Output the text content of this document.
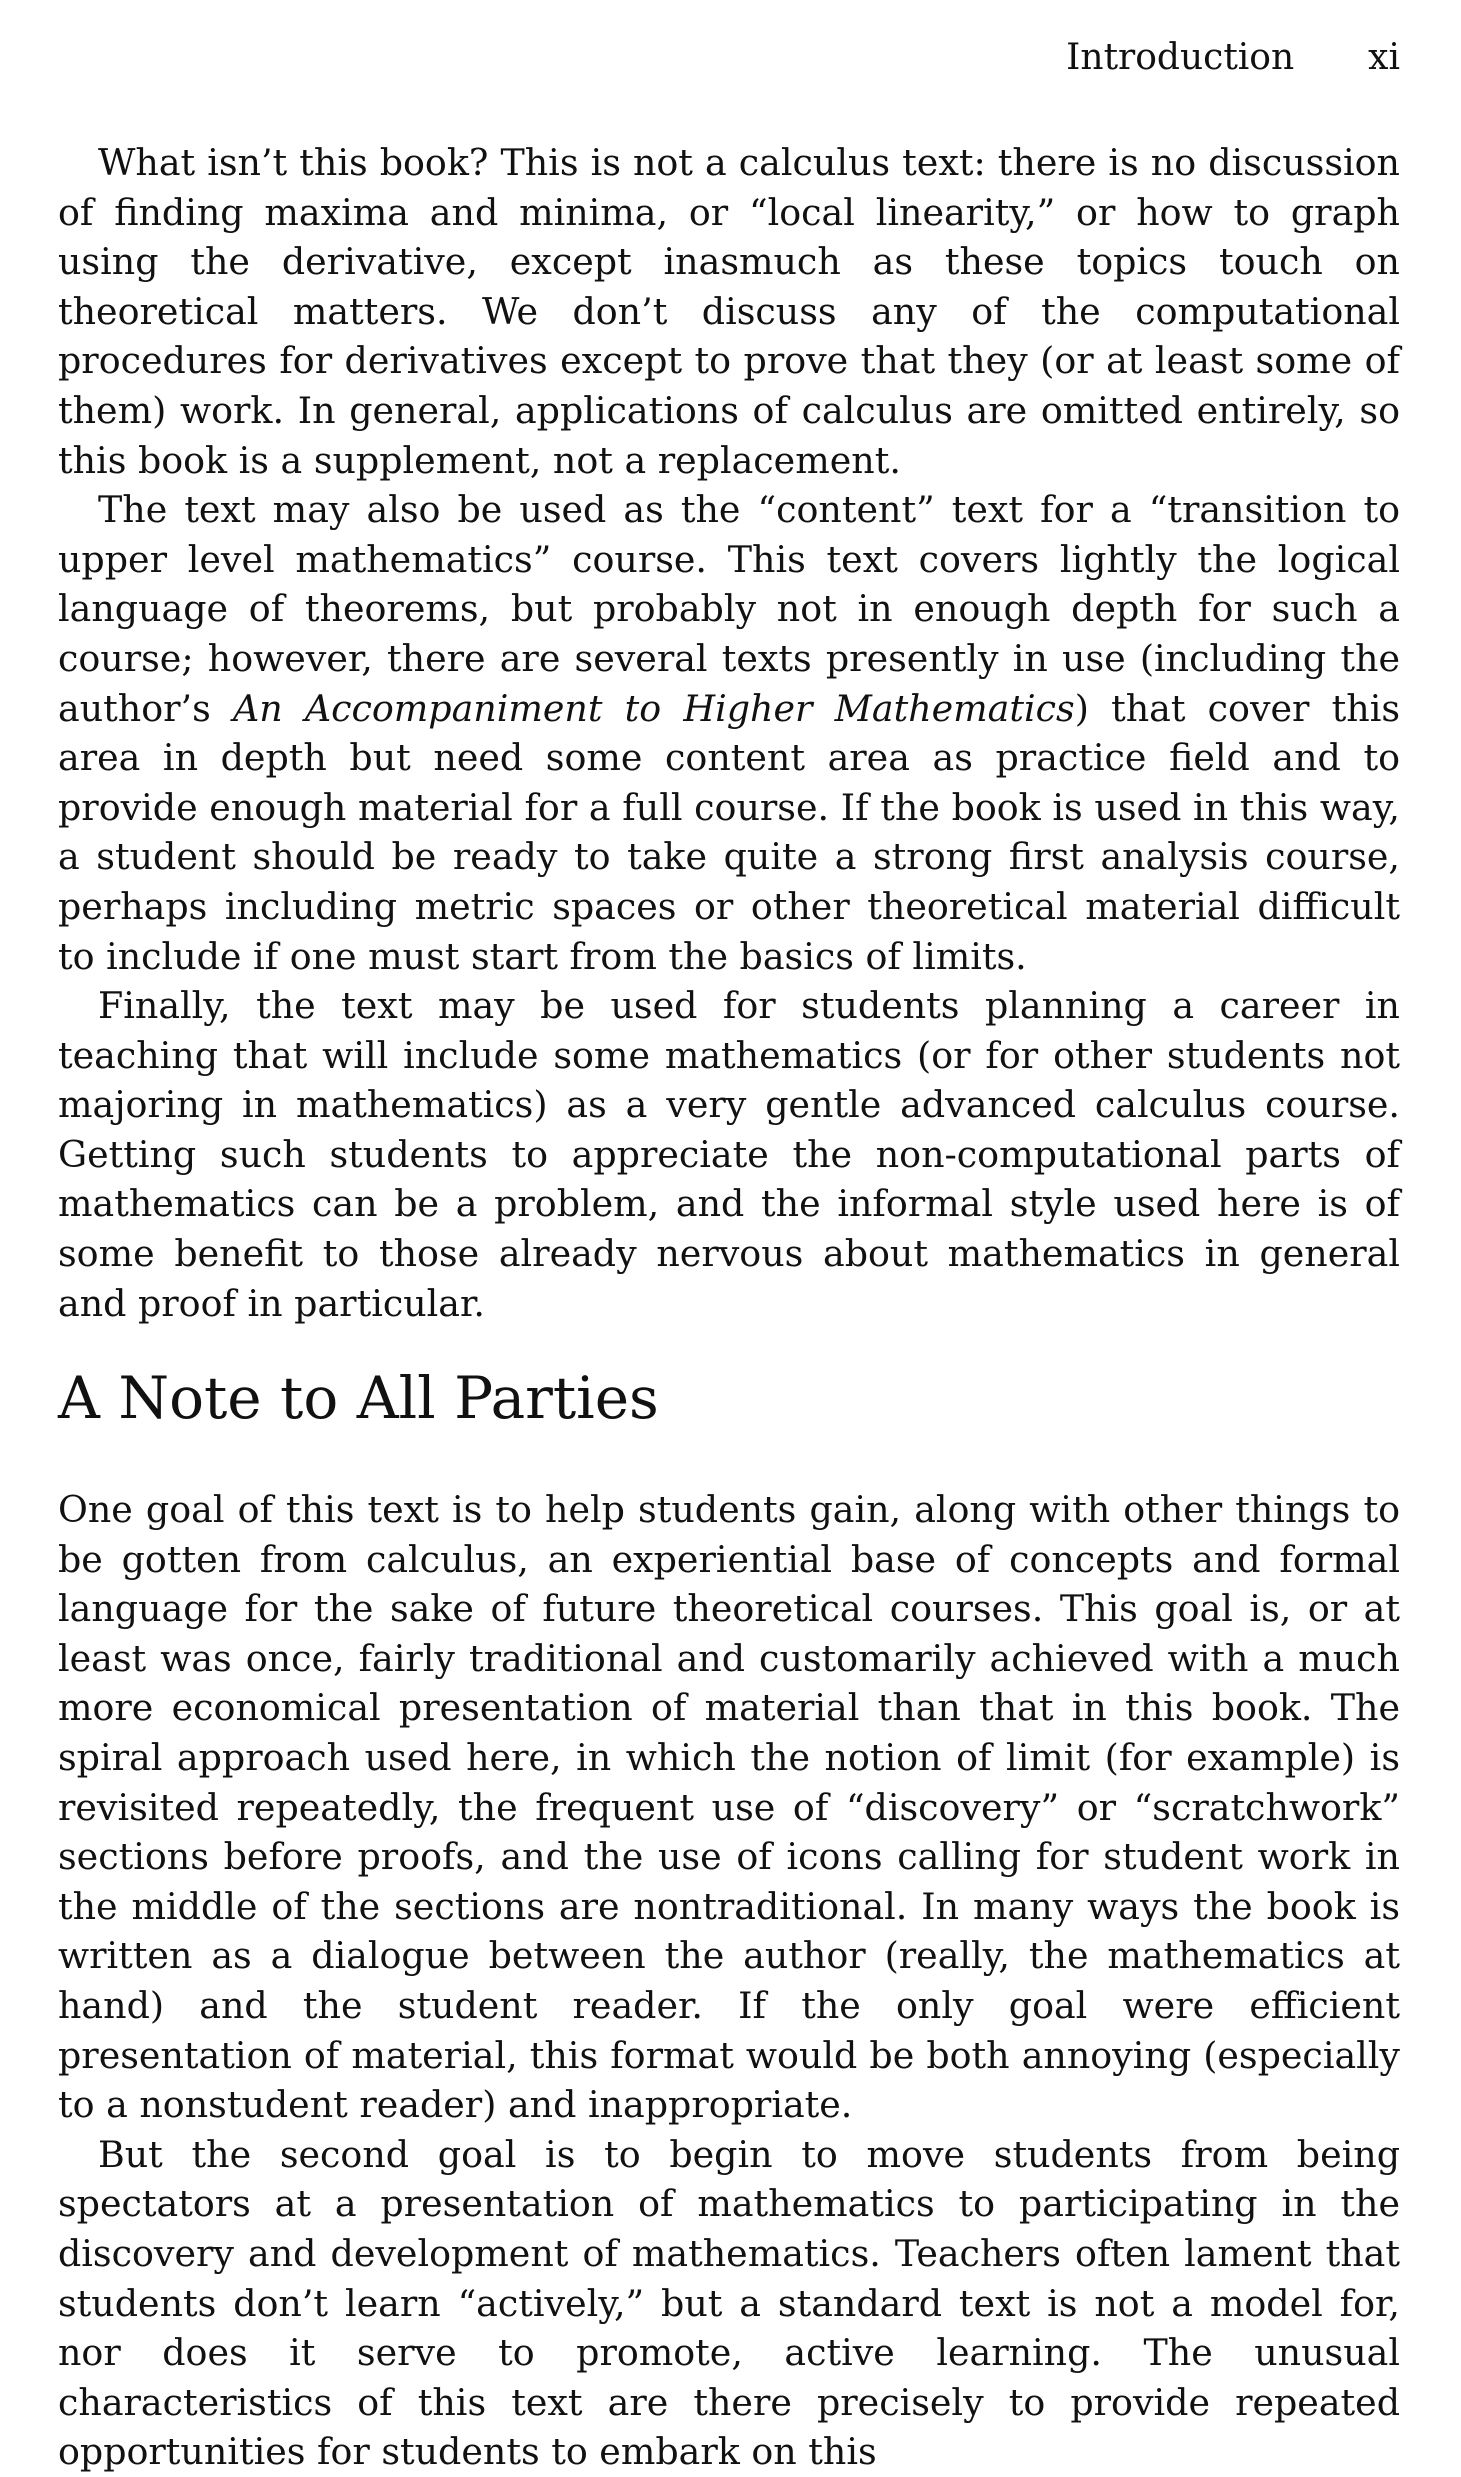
Introduction xi

What isn’t this book? This is not a calculus text: there is no discussion of finding maxima and minima, or “local linearity,” or how to graph using the derivative, except inasmuch as these topics touch on theoretical matters. We don’t discuss any of the computational procedures for derivatives except to prove that they (or at least some of them) work. In general, applications of calculus are omitted entirely, so this book is a supplement, not a replacement.

The text may also be used as the “content” text for a “transition to upper level mathematics” course. This text covers lightly the logical language of theorems, but probably not in enough depth for such a course; however, there are several texts presently in use (including the author’s An Accompaniment to Higher Mathematics) that cover this area in depth but need some content area as practice field and to provide enough material for a full course. If the book is used in this way, a student should be ready to take quite a strong first analysis course, perhaps including metric spaces or other theoretical material difficult to include if one must start from the basics of limits.

Finally, the text may be used for students planning a career in teaching that will include some mathematics (or for other students not majoring in mathematics) as a very gentle advanced calculus course. Getting such students to appreciate the non-computational parts of mathematics can be a problem, and the informal style used here is of some benefit to those already nervous about mathematics in general and proof in particular.

A Note to All Parties

One goal of this text is to help students gain, along with other things to be gotten from calculus, an experiential base of concepts and formal language for the sake of future theoretical courses. This goal is, or at least was once, fairly traditional and customarily achieved with a much more economical presentation of material than that in this book. The spiral approach used here, in which the notion of limit (for example) is revisited repeatedly, the frequent use of “discovery” or “scratchwork” sections before proofs, and the use of icons calling for student work in the middle of the sections are nontraditional. In many ways the book is written as a dialogue between the author (really, the mathematics at hand) and the student reader. If the only goal were efficient presentation of material, this format would be both annoying (especially to a nonstudent reader) and inappropriate.

But the second goal is to begin to move students from being spectators at a presentation of mathematics to participating in the discovery and development of mathematics. Teachers often lament that students don’t learn “actively,” but a standard text is not a model for, nor does it serve to promote, active learning. The unusual characteristics of this text are there precisely to provide repeated opportunities for students to embark on this
